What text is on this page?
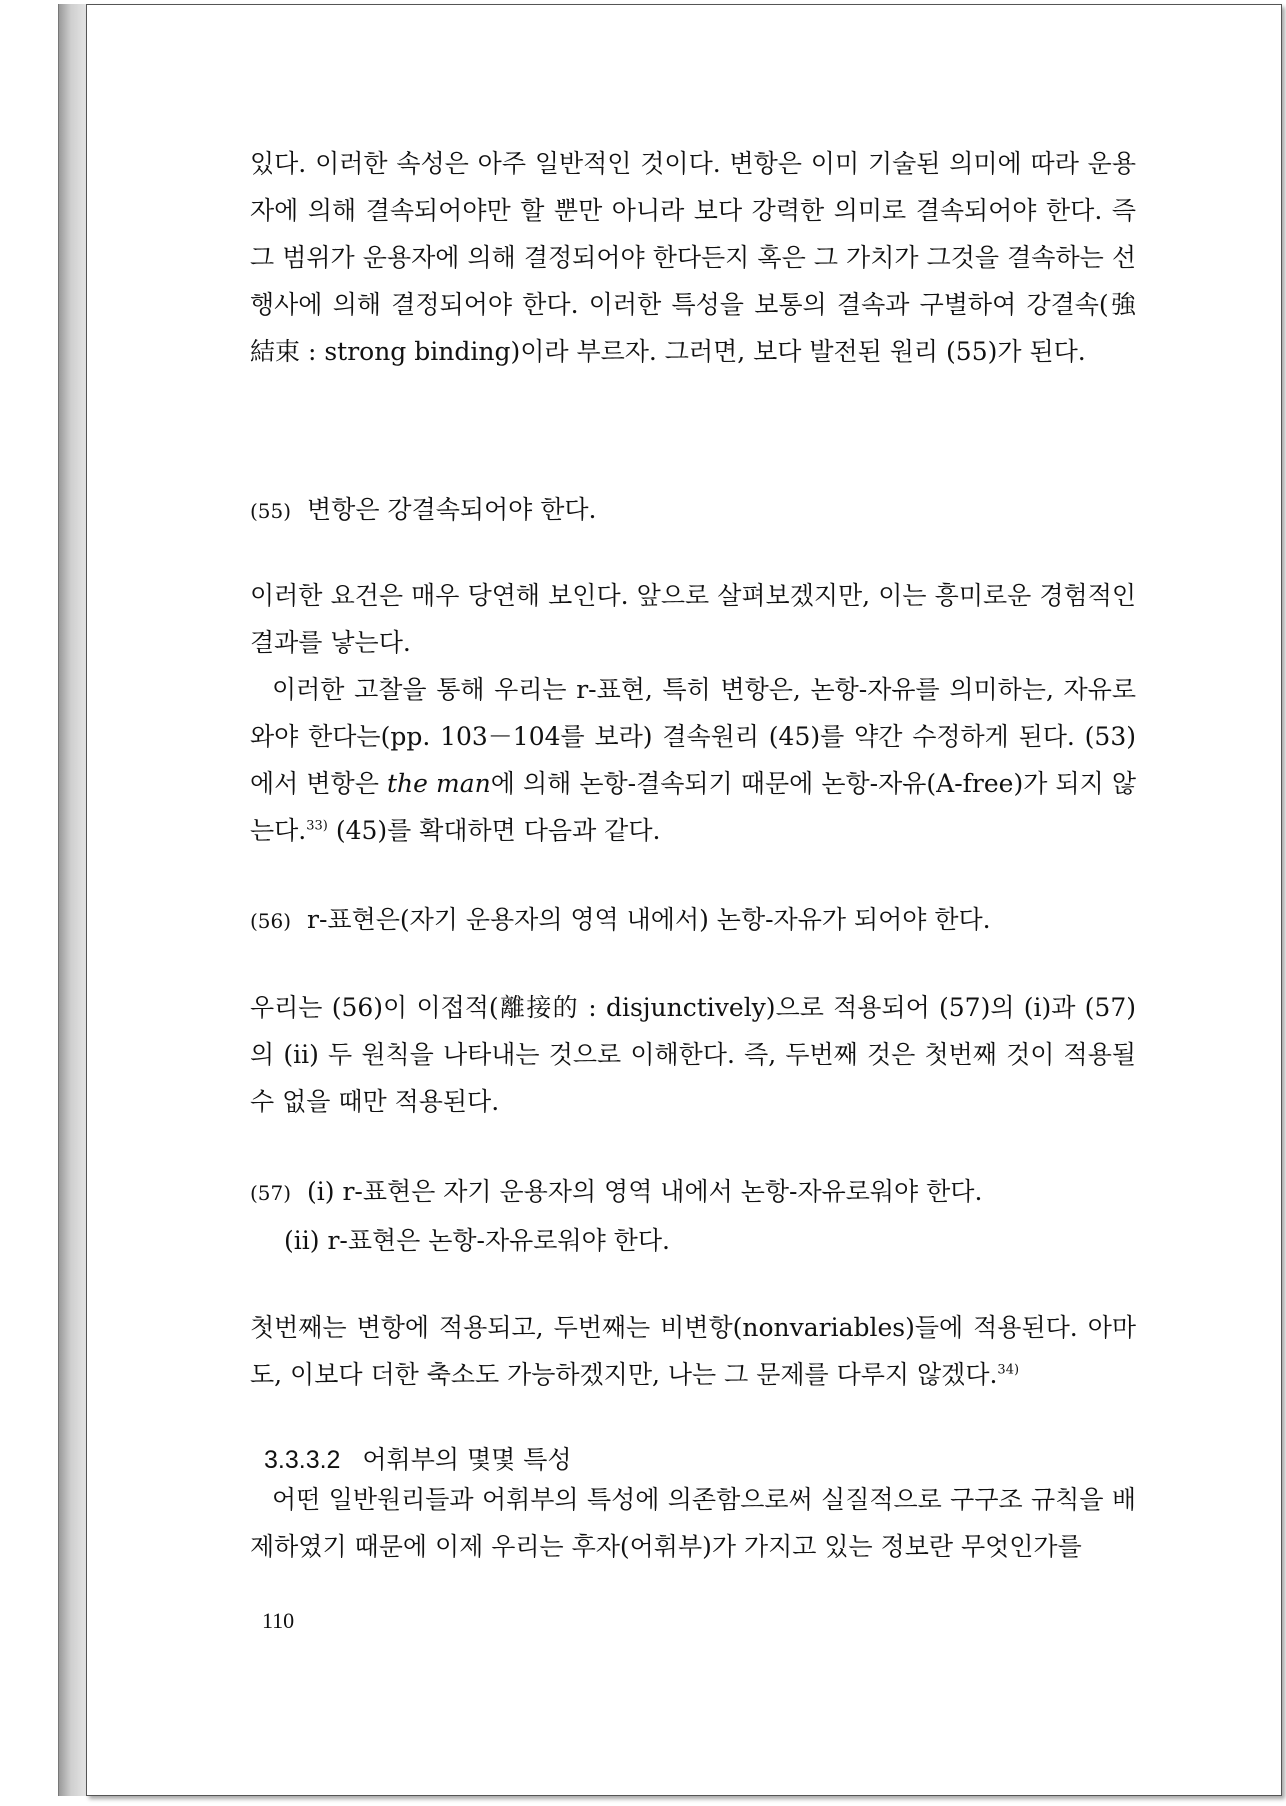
있다. 이러한 속성은 아주 일반적인 것이다. 변항은 이미 기술된 의미에 따라 운용자에 의해 결속되어야만 할 뿐만 아니라 보다 강력한 의미로 결속되어야 한다. 즉 그 범위가 운용자에 의해 결정되어야 한다든지 혹은 그 가치가 그것을 결속하는 선행사에 의해 결정되어야 한다. 이러한 특성을 보통의 결속과 구별하여 강결속(強結束 : strong binding)이라 부르자. 그러면, 보다 발전된 원리 (55)가 된다.

(55) 변항은 강결속되어야 한다.

이러한 요건은 매우 당연해 보인다. 앞으로 살펴보겠지만, 이는 흥미로운 경험적인 결과를 낳는다.

이러한 고찰을 통해 우리는 r-표현, 특히 변항은, 논항-자유를 의미하는, 자유로와야 한다는(pp. 103－104를 보라) 결속원리 (45)를 약간 수정하게 된다. (53)에서 변항은 the man에 의해 논항-결속되기 때문에 논항-자유(A-free)가 되지 않는다.$^{33)}$ (45)를 확대하면 다음과 같다.

(56) r-표현은(자기 운용자의 영역 내에서) 논항-자유가 되어야 한다.

우리는 (56)이 이접적(離接的 : disjunctively)으로 적용되어 (57)의 (i)과 (57)의 (ii) 두 원칙을 나타내는 것으로 이해한다. 즉, 두번째 것은 첫번째 것이 적용될 수 없을 때만 적용된다.

(57) (i) r-표현은 자기 운용자의 영역 내에서 논항-자유로워야 한다.
(ii) r-표현은 논항-자유로워야 한다.

첫번째는 변항에 적용되고, 두번째는 비변항(nonvariables)들에 적용된다. 아마도, 이보다 더한 축소도 가능하겠지만, 나는 그 문제를 다루지 않겠다.$^{34)}$

3.3.3.2 어휘부의 몇몇 특성

어떤 일반원리들과 어휘부의 특성에 의존함으로써 실질적으로 구구조 규칙을 배제하였기 때문에 이제 우리는 후자(어휘부)가 가지고 있는 정보란 무엇인가를

110
